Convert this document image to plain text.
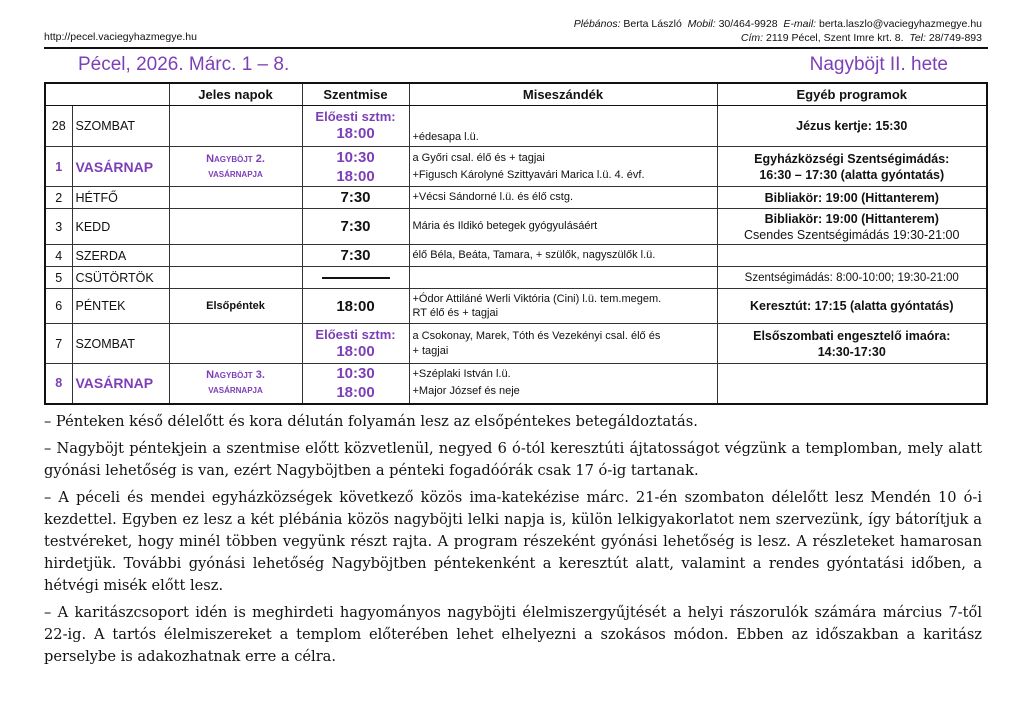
Plébános: Berta László Mobil: 30/464-9928 E-mail: berta.laszlo@vaciegyhazmegye.hu
Cím: 2119 Pécel, Szent Imre krt. 8. Tel: 28/749-893
http://pecel.vaciegyhazmegye.hu
Pécel, 2026. Márc. 1 – 8.	Nagyböjt II. hete
		Jeles napok	Szentmise	Miseszándék	Egyéb programok
28	SZOMBAT		Előesti sztm:
18:00	+édesapa l.ü.	Jézus kertje: 15:30

1	VASÁRNAP	Nagyböjt 2.
vasárnapja	10:30
18:00	a Győri csal. élő és + tagjai
+Figusch Károlyné Szittyavári Marica l.ü. 4. évf.	Egyházközségi Szentségimádás:
16:30 – 17:30 (alatta gyóntatás)

2	HÉTFŐ		7:30	+Vécsi Sándorné l.ü. és élő cstg.	Bibliakör: 19:00 (Hittanterem)

3	KEDD		7:30	Mária és Ildikó betegek gyógyulásáért	Bibliakör: 19:00 (Hittanterem)
Csendes Szentségimádás 19:30-21:00

4	SZERDA		7:30	élő Béla, Beáta, Tamara, + szülők, nagyszülők l.ü.	

5	CSÜTÖRTÖK				Szentségimádás: 8:00-10:00; 19:30-21:00

6	PÉNTEK	Elsőpéntek	18:00	+Ódor Attiláné Werli Viktória (Cini) l.ü. tem.megem.
RT élő és + tagjai	Keresztút: 17:15 (alatta gyóntatás)

7	SZOMBAT		Előesti sztm:
18:00	a Csokonay, Marek, Tóth és Vezekényi csal. élő és
+ tagjai	Elsőszombati engesztelő imaóra:
14:30-17:30

8	VASÁRNAP	Nagyböjt 3.
vasárnapja	10:30
18:00	+Széplaki István l.ü.
+Major József és neje	

– Pénteken késő délelőtt és kora délután folyamán lesz az elsőpéntekes betegáldoztatás.

– Nagyböjt péntekjein a szentmise előtt közvetlenül, negyed 6 ó-tól keresztúti ájtatosságot végzünk a templomban, mely alatt gyónási lehetőség is van, ezért Nagyböjtben a pénteki fogadóórák csak 17 ó-ig tartanak.

– A péceli és mendei egyházközségek következő közös ima-katekézise márc. 21-én szombaton délelőtt lesz Mendén 10 ó-i kezdettel. Egyben ez lesz a két plébánia közös nagyböjti lelki napja is, külön lelkigyakorlatot nem szervezünk, így bátorítjuk a testvéreket, hogy minél többen vegyünk részt rajta. A program részeként gyónási lehetőség is lesz. A részleteket hamarosan hirdetjük. További gyónási lehetőség Nagyböjtben péntekenként a keresztút alatt, valamint a rendes gyóntatási időben, a hétvégi misék előtt lesz.

– A karitászcsoport idén is meghirdeti hagyományos nagyböjti élelmiszergyűjtését a helyi rászorulók számára március 7-től 22-ig. A tartós élelmiszereket a templom előterében lehet elhelyezni a szokásos módon. Ebben az időszakban a karitász perselybe is adakozhatnak erre a célra.
